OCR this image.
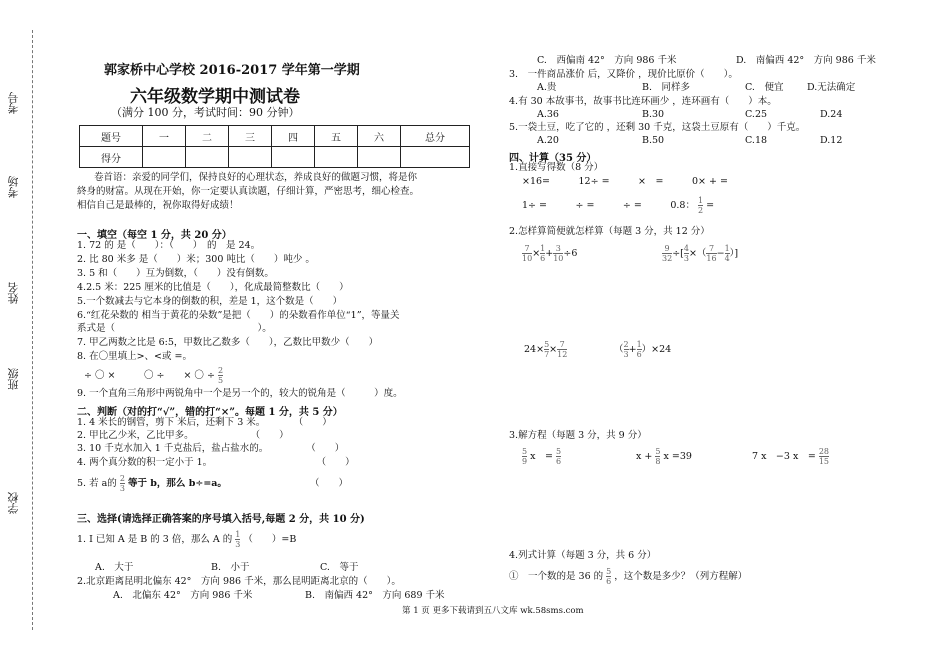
考号
考场
姓名
班级
学校
郭家桥中心学校 2016-2017 学年第一学期
六年级数学期中测试卷
（满分 100 分，考试时间：90 分钟）
题号	一	二	三	四	五	六	总分
得分							
卷首语：亲爱的同学们，保持良好的心理状态，养成良好的做题习惯，将是你
終身的财富。从现在开始，你一定要认真读题，仔细计算，严密思考，细心检查。
相信自己是最棒的，祝你取得好成绩！
一、填空（每空 1 分，共 20 分）
1. 72 的 是（　　）：（　　）　的　是 24。
2. 比 80 米多 是（　　）米；300 吨比（　　）吨少 。
3. 5 和（　　）互为倒数，（　　）没有倒数。
4.2.5 米：225 厘米的比值是（　　），化成最简整数比（　　）
5.一个数减去与它本身的倒数的积，差是 1，这个数是（　　）
6.“红花朵数的 相当于黄花的朵数”是把（　　）的朵数看作单位“1”，等量关
系式是（　　　　　　　　　　　　　　　）。
7. 甲乙两数之比是 6:5，甲数比乙数多（　　），乙数比甲数少（　　）
8. 在〇里填上>、<或 =。
÷ 〇 ×　　　〇 ÷　　× 〇 ÷ $\frac{2}{5}$
9. 一个直角三角形中两锐角中一个是另一个的，较大的锐角是（　　　）度。
二、判断（对的打“√”，错的打“×”。每题 1 分，共 5 分）
1. 4 米长的钢管，剪下 米后，还剩下 3 米。　　　　（　　）
2. 甲比乙少米，乙比甲多。　　　　　　　（　　）
3. 10 千克水加入 1 千克盐后，盐占盐水的。　　　　　（　　）
4. 两个真分数的积一定小于 1。　　　　　　　　　　　　（　　）
5. 若 a的 $\frac{2}{3}$ 等于 b，那么 b÷=a。	（　　）
三、选择(请选择正确答案的序号填入括号,每题 2 分，共 10 分)
1. I 已知 A 是 B 的 3 倍，那么 A 的 $\frac{1}{3}$ （　　）=B
A.　大于	B.　小于	C.　等于
2.北京距离昆明北偏东 42°　方向 986 千米，那么昆明距离北京的（　　）。
A.　北偏东 42°　方向 986 千米	B.　南偏西 42°　方向 689 千米
C.　西偏南 42°　方向 986 千米	D.　南偏西 42°　方向 986 千米
3.　一件商品涨价 后，又降价 ，现价比原价（　　）。
A.贵	B.　同样多	C.　便宜 D.无法确定
4.有 30 本故事书，故事书比连环画少 ，连环画有（　　）本。
A.36	B.30	C.25	D.24
5.一袋土豆，吃了它的 ，还剩 30 千克，这袋土豆原有（　　）千克。
A.20	B.50	C.18	D.12
四、计算（35 分）
1.直接写得数（8 分）
×16=　　　12÷ =　　　×　=　　　0× + =
1÷ =　　　÷ =　　　÷ =　　　0.8： $\frac{1}{2}$ =
2.怎样算简便就怎样算（每题 3 分，共 12 分）
$\frac{7}{10} \times \frac{1}{6} + \frac{3}{10} \div 6$	$\frac{9}{32}$ ÷[ $\frac{4}{3}$ ×（ $\frac{7}{16} - \frac{1}{4}$ ）]
$24\times \frac{5}{7} \times \frac{7}{12}$	（ $\frac{2}{3} + \frac{1}{6} )\times 24$
3.解方程（每题 3 分，共 9 分）
$\frac{5}{9}$ x　= $\frac{5}{6}$	$x + \frac{5}{8}$ x =39	7 x　−3 x　= $\frac{28}{15}$
4.列式计算（每题 3 分，共 6 分）
①　一个数的是 36 的 $\frac{5}{6}$ ，这个数是多少？（列方程解）
第 1 页 更多下载请到五八文库 wk.58sms.com
